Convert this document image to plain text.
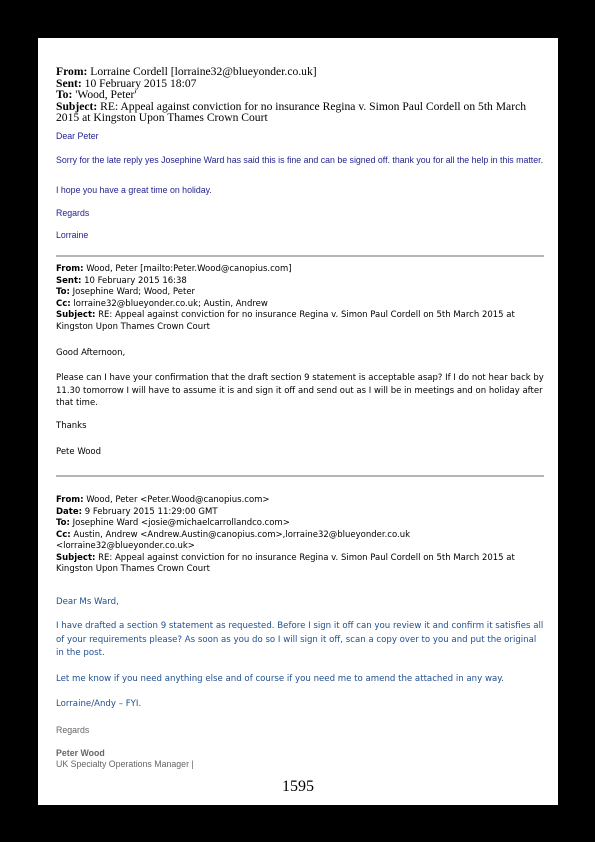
From: Lorraine Cordell [lorraine32@blueyonder.co.uk]

Sent: 10 February 2015 18:07

To: 'Wood, Peter'

Subject: RE: Appeal against conviction for no insurance Regina v. Simon Paul Cordell on 5th March 2015 at Kingston Upon Thames Crown Court

Dear Peter
Sorry for the late reply yes Josephine Ward has said this is fine and can be signed off. thank you for all the help in this matter.
I hope you have a great time on holiday.
Regards
Lorraine

From: Wood, Peter [mailto:Peter.Wood@canopius.com]

Sent: 10 February 2015 16:38

To: Josephine Ward; Wood, Peter

Cc: lorraine32@blueyonder.co.uk; Austin, Andrew

Subject: RE: Appeal against conviction for no insurance Regina v. Simon Paul Cordell on 5th March 2015 at Kingston Upon Thames Crown Court

Good Afternoon,
Please can I have your confirmation that the draft section 9 statement is acceptable asap? If I do not hear back by 11.30 tomorrow I will have to assume it is and sign it off and send out as I will be in meetings and on holiday after that time.
Thanks
Pete Wood

From: Wood, Peter <Peter.Wood@canopius.com>

Date: 9 February 2015 11:29:00 GMT

To: Josephine Ward <josie@michaelcarrollandco.com>

Cc: Austin, Andrew <Andrew.Austin@canopius.com>,lorraine32@blueyonder.co.uk <lorraine32@blueyonder.co.uk>

Subject: RE: Appeal against conviction for no insurance Regina v. Simon Paul Cordell on 5th March 2015 at Kingston Upon Thames Crown Court

Dear Ms Ward,
I have drafted a section 9 statement as requested. Before I sign it off can you review it and confirm it satisfies all of your requirements please? As soon as you do so I will sign it off, scan a copy over to you and put the original in the post.
Let me know if you need anything else and of course if you need me to amend the attached in any way.
Lorraine/Andy – FYI.
Regards
Peter Wood
UK Specialty Operations Manager |
1595
